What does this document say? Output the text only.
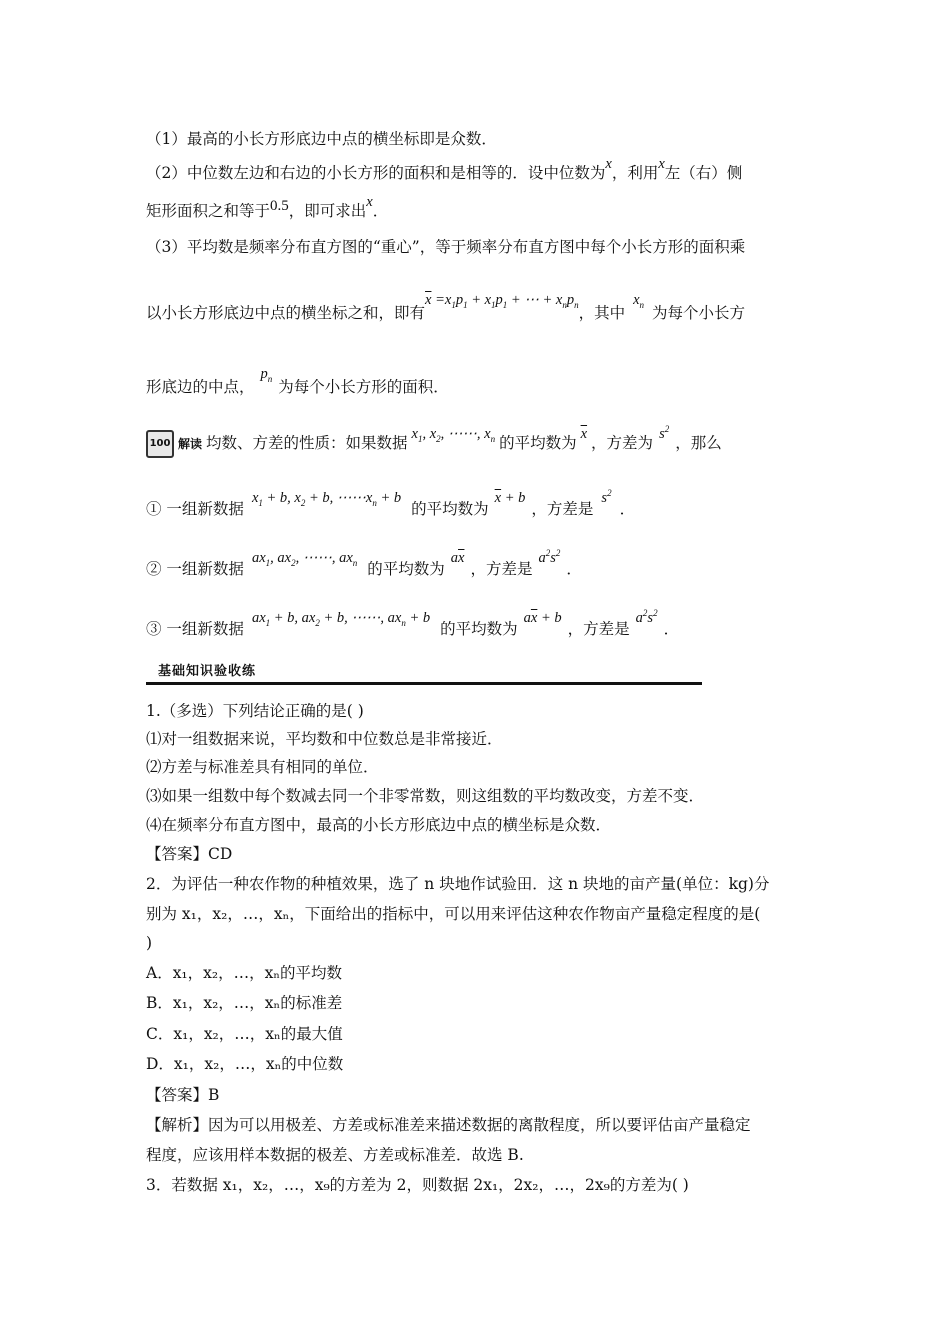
（1）最高的小长方形底边中点的横坐标即是众数．
（2）中位数左边和右边的小长方形的面积和是相等的．设中位数为x，利用x左（右）侧
矩形面积之和等于0.5，即可求出x．
（3）平均数是频率分布直方图的“重心”，等于频率分布直方图中每个小长方形的面积乘
以小长方形底边中点的横坐标之和，即有$\overline{x} =x_1p_1 + x_1p_1$ + ⋯ + $x_np_n$，其中$x_n$ 为每个小长方
形底边的中点，$p_n$ 为每个小长方形的面积．
100 解读 均数、方差的性质：如果数据 $x_1$, $x_2$, ⋯⋯, $x_n$ 的平均数为 $\overline{x}$ ，方差为 $s^2$，那么
① 一组新数据$x_1 + b$, $x_2 + b$, $\cdots\cdots x_n + b$的平均数为$\overline{x} + b$，方差是$s^2$．
② 一组新数据$ax_1$, $ax_2$, ⋯⋯, $ax_n$ 的平均数为$a\overline{x}$，方差是$a^2s^2$．
③ 一组新数据$ax_1 + b$, $ax_2 + b$, ⋯⋯, $ax_n + b$的平均数为$a\overline{x} + b$，方差是$a^2s^2$．
基础知识验收练
1.（多选）下列结论正确的是( )
⑴对一组数据来说，平均数和中位数总是非常接近．
⑵方差与标准差具有相同的单位．
⑶如果一组数中每个数减去同一个非零常数，则这组数的平均数改变，方差不变．
⑷在频率分布直方图中，最高的小长方形底边中点的横坐标是众数．
【答案】CD
2．为评估一种农作物的种植效果，选了 n 块地作试验田．这 n 块地的亩产量(单位：kg)分
别为 x₁，x₂，…，xₙ，下面给出的指标中，可以用来评估这种农作物亩产量稳定程度的是(
)
A．x₁，x₂，…，xₙ的平均数
B．x₁，x₂，…，xₙ的标准差
C．x₁，x₂，…，xₙ的最大值
D．x₁，x₂，…，xₙ的中位数
【答案】B
【解析】因为可以用极差、方差或标准差来描述数据的离散程度，所以要评估亩产量稳定
程度，应该用样本数据的极差、方差或标准差．故选 B.
3．若数据 x₁，x₂，…，x₉的方差为 2，则数据 2x₁，2x₂，…，2x₉的方差为( )
